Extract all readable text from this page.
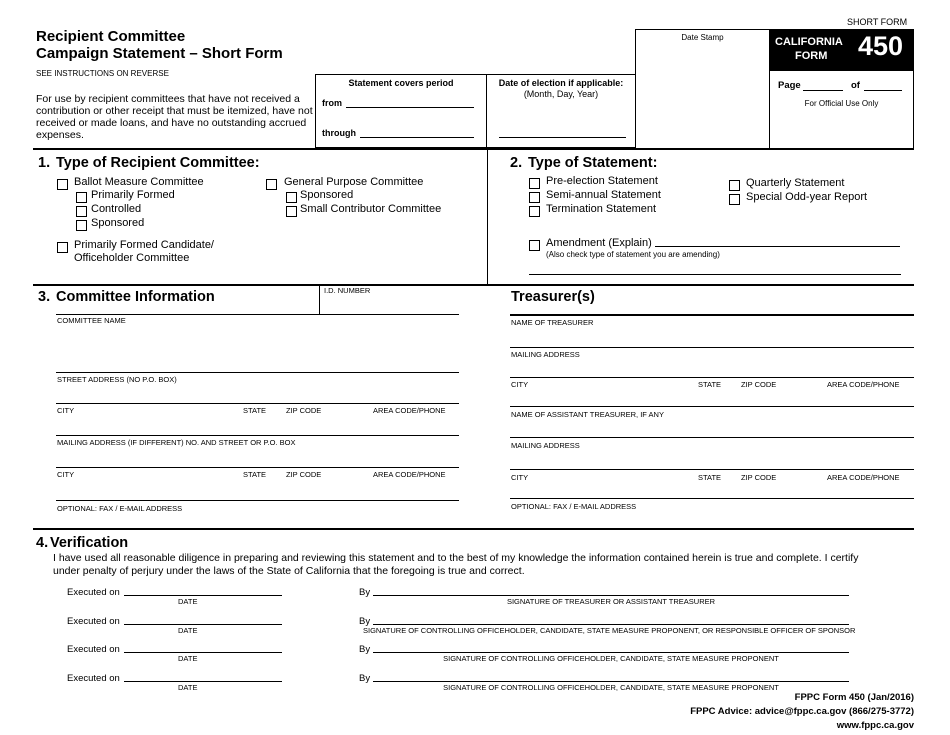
Recipient Committee
Campaign Statement – Short Form
SEE INSTRUCTIONS ON REVERSE
For use by recipient committees that have not received a
contribution or other receipt that must be itemized, have not
received or made loans, and have no outstanding accrued
expenses.
SHORT FORM
Statement covers period
from
through
Date of election if applicable:
(Month, Day, Year)
Date Stamp	CALIFORNIA
FORM 450
Page	of
For Official Use Only
1. Type of Recipient Committee:
Ballot Measure Committee
Primarily Formed
Controlled
Sponsored
Primarily Formed Candidate/
Officeholder Committee
General Purpose Committee
Sponsored
Small Contributor Committee
2. Type of Statement:
Pre-election Statement
Semi-annual Statement
Termination Statement
Quarterly Statement
Special Odd-year Report
Amendment (Explain)
(Also check type of statement you are amending)
3. Committee Information	I.D. NUMBER
COMMITTEE NAME
STREET ADDRESS (NO P.O. BOX)
CITY	STATE	ZIP CODE	AREA CODE/PHONE
MAILING ADDRESS (IF DIFFERENT) NO. AND STREET OR P.O. BOX
CITY	STATE	ZIP CODE	AREA CODE/PHONE
OPTIONAL: FAX / E-MAIL ADDRESS
Treasurer(s)
NAME OF TREASURER
MAILING ADDRESS
CITY	STATE	ZIP CODE	AREA CODE/PHONE
NAME OF ASSISTANT TREASURER, IF ANY
MAILING ADDRESS
CITY	STATE	ZIP CODE	AREA CODE/PHONE
OPTIONAL: FAX / E-MAIL ADDRESS
4. Verification
I have used all reasonable diligence in preparing and reviewing this statement and to the best of my knowledge the information contained herein is true and complete. I certify
under penalty of perjury under the laws of the State of California that the foregoing is true and correct.
Executed on
DATE
By
SIGNATURE OF TREASURER OR ASSISTANT TREASURER
Executed on
DATE
By
SIGNATURE OF CONTROLLING OFFICEHOLDER, CANDIDATE, STATE MEASURE PROPONENT, OR RESPONSIBLE OFFICER OF SPONSOR
Executed on
DATE
By
SIGNATURE OF CONTROLLING OFFICEHOLDER, CANDIDATE, STATE MEASURE PROPONENT
Executed on
DATE
By
SIGNATURE OF CONTROLLING OFFICEHOLDER, CANDIDATE, STATE MEASURE PROPONENT
FPPC Form 450 (Jan/2016)
FPPC Advice: advice@fppc.ca.gov (866/275-3772)
www.fppc.ca.gov
